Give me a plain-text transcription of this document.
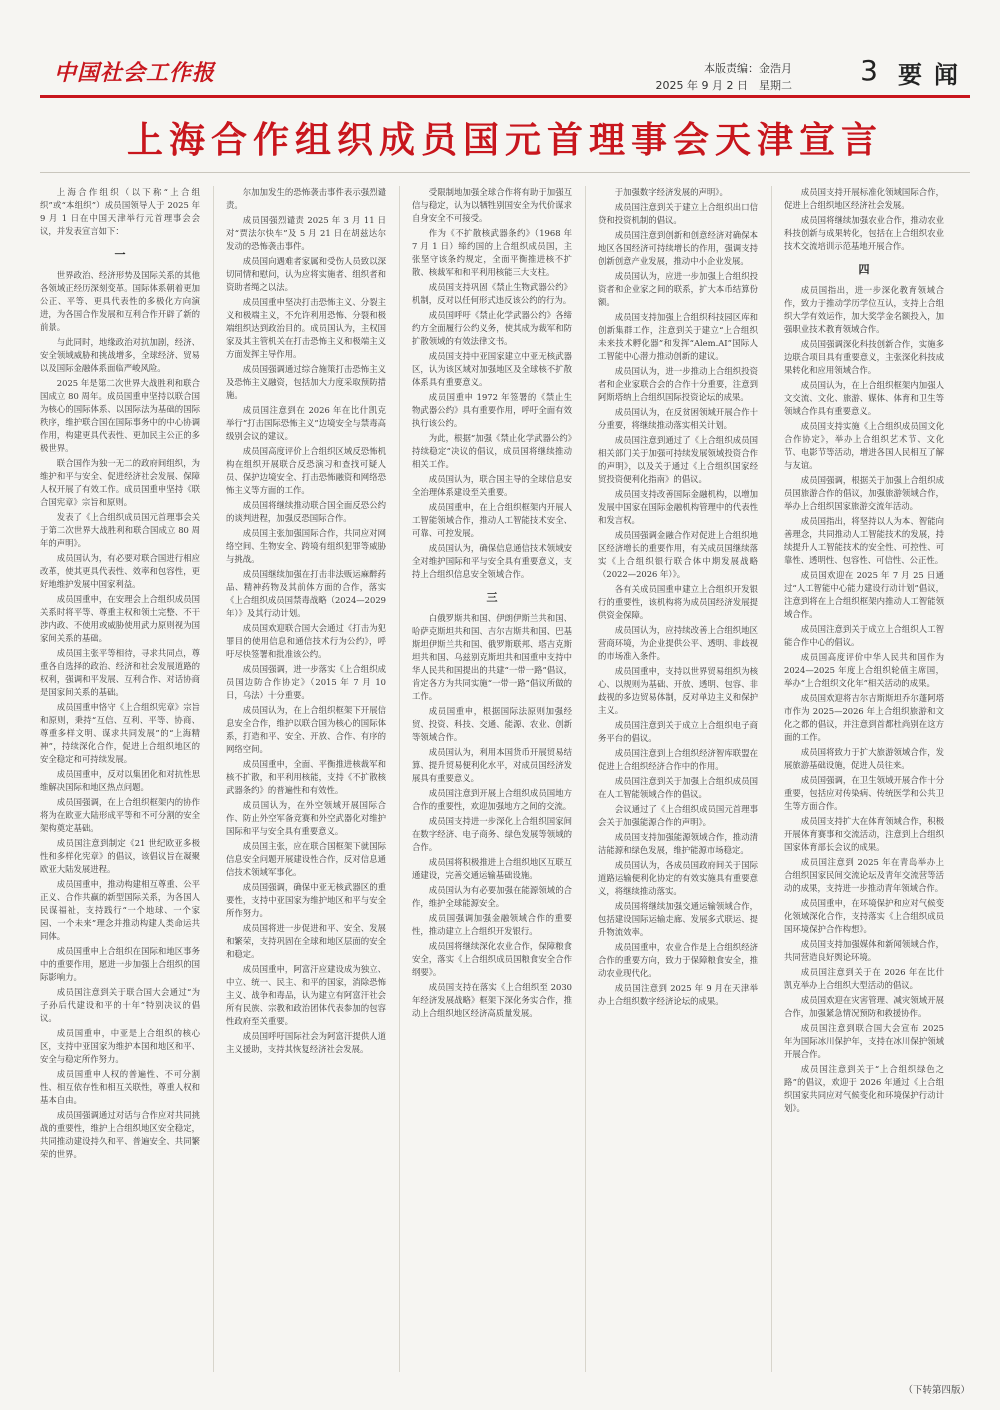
中国社会工作报	本版责编：金浩月
2025 年 9 月 2 日　星期二 3 要闻
上海合作组织成员国元首理事会天津宣言

上海合作组织（以下称“上合组织”或“本组织”）成员国领导人于 2025 年 9 月 1 日在中国天津举行元首理事会会议，并发表宣言如下：

一

世界政治、经济形势及国际关系的其他各领域正经历深刻变革。国际体系朝着更加公正、平等、更具代表性的多极化方向演进，为各国合作发展和互利合作开辟了新的前景。

与此同时，地缘政治对抗加剧，经济、安全领域威胁和挑战增多，全球经济、贸易以及国际金融体系面临严峻风险。

2025 年是第二次世界大战胜利和联合国成立 80 周年。成员国重申坚持以联合国为核心的国际体系、以国际法为基础的国际秩序，维护联合国在国际事务中的中心协调作用，构建更具代表性、更加民主公正的多极世界。

联合国作为独一无二的政府间组织，为维护和平与安全、促进经济社会发展、保障人权开展了有效工作。成员国重申坚持《联合国宪章》宗旨和原则。

发表了《上合组织成员国元首理事会关于第二次世界大战胜利和联合国成立 80 周年的声明》。

成员国认为，有必要对联合国进行相应改革，使其更具代表性、效率和包容性，更好地维护发展中国家利益。

成员国重申，在安理会上合组织成员国关系时将平等、尊重主权和领土完整、不干涉内政、不使用或威胁使用武力原则视为国家间关系的基础。

成员国主张平等相待，寻求共同点，尊重各自选择的政治、经济和社会发展道路的权利，强调和平发展、互利合作、对话协商是国家间关系的基础。

成员国重申恪守《上合组织宪章》宗旨和原则，秉持“互信、互利、平等、协商、尊重多样文明、谋求共同发展”的“上海精神”，持续深化合作，促进上合组织地区的安全稳定和可持续发展。

成员国重申，反对以集团化和对抗性思维解决国际和地区热点问题。

成员国强调，在上合组织框架内的协作将为在欧亚大陆形成平等和不可分割的安全架构奠定基础。

成员国注意到制定《21 世纪欧亚多极性和多样化宪章》的倡议，该倡议旨在凝聚欧亚大陆发展进程。

成员国重申，推动构建相互尊重、公平正义、合作共赢的新型国际关系，为各国人民谋福祉，支持践行“一个地球、一个家园、一个未来”理念并推动构建人类命运共同体。

成员国重申上合组织在国际和地区事务中的重要作用，愿进一步加强上合组织的国际影响力。

成员国注意到关于联合国大会通过“为子孙后代建设和平的十年”特别决议的倡议。

成员国重申，中亚是上合组织的核心区，支持中亚国家为维护本国和地区和平、安全与稳定所作努力。

成员国重申人权的普遍性、不可分割性、相互依存性和相互关联性，尊重人权和基本自由。

成员国强调通过对话与合作应对共同挑战的重要性，维护上合组织地区安全稳定，共同推动建设持久和平、普遍安全、共同繁荣的世界。

尔加加发生的恐怖袭击事件表示强烈谴责。

成员国强烈谴责 2025 年 3 月 11 日对“贾法尔快车”及 5 月 21 日在胡兹达尔发动的恐怖袭击事件。

成员国向遇难者家属和受伤人员致以深切同情和慰问，认为应将实施者、组织者和资助者绳之以法。

成员国重申坚决打击恐怖主义、分裂主义和极端主义，不允许利用恐怖、分裂和极端组织达到政治目的。成员国认为，主权国家及其主管机关在打击恐怖主义和极端主义方面发挥主导作用。

成员国强调通过综合施策打击恐怖主义及恐怖主义融资，包括加大力度采取预防措施。

成员国注意到在 2026 年在比什凯克举行“打击国际恐怖主义”边境安全与禁毒高级别会议的建议。

成员国高度评价上合组织区域反恐怖机构在组织开展联合反恐演习和查找可疑人员、保护边境安全、打击恐怖融资和网络恐怖主义等方面的工作。

成员国将继续推动联合国全面反恐公约的谈判进程，加强反恐国际合作。

成员国主张加强国际合作，共同应对网络空间、生物安全、跨境有组织犯罪等威胁与挑战。

成员国继续加强在打击非法贩运麻醉药品、精神药物及其前体方面的合作，落实《上合组织成员国禁毒战略（2024—2029 年）》及其行动计划。

成员国欢迎联合国大会通过《打击为犯罪目的使用信息和通信技术行为公约》，呼吁尽快签署和批准该公约。

成员国强调，进一步落实《上合组织成员国边防合作协定》（2015 年 7 月 10 日，乌法）十分重要。

成员国认为，在上合组织框架下开展信息安全合作，维护以联合国为核心的国际体系，打造和平、安全、开放、合作、有序的网络空间。

成员国重申，全面、平衡推进核裁军和核不扩散，和平利用核能，支持《不扩散核武器条约》的普遍性和有效性。

成员国认为，在外空领域开展国际合作、防止外空军备竞赛和外空武器化对维护国际和平与安全具有重要意义。

成员国主张，应在联合国框架下就国际信息安全问题开展建设性合作，反对信息通信技术领域军事化。

成员国强调，确保中亚无核武器区的重要性，支持中亚国家为维护地区和平与安全所作努力。

成员国将进一步促进和平、安全、发展和繁荣，支持巩固在全球和地区层面的安全和稳定。

成员国重申，阿富汗应建设成为独立、中立、统一、民主、和平的国家，消除恐怖主义、战争和毒品，认为建立有阿富汗社会所有民族、宗教和政治团体代表参加的包容性政府至关重要。

成员国呼吁国际社会为阿富汗提供人道主义援助，支持其恢复经济社会发展。

受限制地加强全球合作将有助于加强互信与稳定，认为以牺牲别国安全为代价谋求自身安全不可接受。

作为《不扩散核武器条约》（1968 年 7 月 1 日）缔约国的上合组织成员国，主张坚守该条约规定，全面平衡推进核不扩散、核裁军和和平利用核能三大支柱。

成员国支持巩固《禁止生物武器公约》机制，反对以任何形式违反该公约的行为。

成员国呼吁《禁止化学武器公约》各缔约方全面履行公约义务，使其成为裁军和防扩散领域的有效法律文书。

成员国支持中亚国家建立中亚无核武器区，认为该区域对加强地区及全球核不扩散体系具有重要意义。

成员国重申 1972 年签署的《禁止生物武器公约》具有重要作用，呼吁全面有效执行该公约。

为此，根据“加强《禁止化学武器公约》持续稳定”决议的倡议，成员国将继续推动相关工作。

成员国认为，联合国主导的全球信息安全治理体系建设至关重要。

成员国重申，在上合组织框架内开展人工智能领域合作，推动人工智能技术安全、可靠、可控发展。

成员国认为，确保信息通信技术领域安全对维护国际和平与安全具有重要意义，支持上合组织信息安全领域合作。

三

白俄罗斯共和国、伊朗伊斯兰共和国、哈萨克斯坦共和国、吉尔吉斯共和国、巴基斯坦伊斯兰共和国、俄罗斯联邦、塔吉克斯坦共和国、乌兹别克斯坦共和国重申支持中华人民共和国提出的共建“一带一路”倡议，肯定各方为共同实施“一带一路”倡议所做的工作。

成员国重申，根据国际法原则加强经贸、投资、科技、交通、能源、农业、创新等领域合作。

成员国认为，利用本国货币开展贸易结算、提升贸易便利化水平，对成员国经济发展具有重要意义。

成员国注意到开展上合组织成员国地方合作的重要性，欢迎加强地方之间的交流。

成员国支持进一步深化上合组织国家间在数字经济、电子商务、绿色发展等领域的合作。

成员国将积极推进上合组织地区互联互通建设，完善交通运输基础设施。

成员国认为有必要加强在能源领域的合作，维护全球能源安全。

成员国强调加强金融领域合作的重要性，推动建立上合组织开发银行。

成员国将继续深化农业合作，保障粮食安全，落实《上合组织成员国粮食安全合作纲要》。

成员国支持在落实《上合组织至 2030 年经济发展战略》框架下深化务实合作，推动上合组织地区经济高质量发展。

于加强数字经济发展的声明》。

成员国注意到关于建立上合组织出口信贷和投资机制的倡议。

成员国注意到创新和创意经济对确保本地区各国经济可持续增长的作用，强调支持创新创意产业发展，推动中小企业发展。

成员国认为，应进一步加强上合组织投资者和企业家之间的联系，扩大本币结算份额。

成员国支持加强上合组织科技园区库和创新集群工作，注意到关于建立“上合组织未来技术孵化器”和发挥“Alem.AI”国际人工智能中心潜力推动创新的建议。

成员国认为，进一步推动上合组织投资者和企业家联合会的合作十分重要，注意到阿斯塔纳上合组织国际投资论坛的成果。

成员国认为，在反贫困领域开展合作十分重要，将继续推动落实相关计划。

成员国注意到通过了《上合组织成员国相关部门关于加强可持续发展领域投资合作的声明》，以及关于通过《上合组织国家经贸投资便利化指南》的倡议。

成员国支持改善国际金融机构，以增加发展中国家在国际金融机构管理中的代表性和发言权。

成员国强调金融合作对促进上合组织地区经济增长的重要作用，有关成员国继续落实《上合组织银行联合体中期发展战略（2022—2026 年）》。

各有关成员国重申建立上合组织开发银行的重要性，该机构将为成员国经济发展提供资金保障。

成员国认为，应持续改善上合组织地区营商环境，为企业提供公平、透明、非歧视的市场准入条件。

成员国重申，支持以世界贸易组织为核心、以规则为基础、开放、透明、包容、非歧视的多边贸易体制，反对单边主义和保护主义。

成员国注意到关于成立上合组织电子商务平台的倡议。

成员国注意到上合组织经济智库联盟在促进上合组织经济合作中的作用。

成员国注意到关于加强上合组织成员国在人工智能领域合作的倡议。

会议通过了《上合组织成员国元首理事会关于加强能源合作的声明》。

成员国支持加强能源领域合作，推动清洁能源和绿色发展，维护能源市场稳定。

成员国认为，各成员国政府间关于国际道路运输便利化协定的有效实施具有重要意义，将继续推动落实。

成员国将继续加强交通运输领域合作，包括建设国际运输走廊、发展多式联运、提升物流效率。

成员国重申，农业合作是上合组织经济合作的重要方向，致力于保障粮食安全，推动农业现代化。

成员国注意到 2025 年 9 月在天津举办上合组织数字经济论坛的成果。

成员国支持开展标准化领域国际合作，促进上合组织地区经济社会发展。

成员国将继续加强农业合作，推动农业科技创新与成果转化，包括在上合组织农业技术交流培训示范基地开展合作。

四

成员国指出，进一步深化教育领域合作，致力于推动学历学位互认，支持上合组织大学有效运作，加大奖学金名额投入，加强职业技术教育领域合作。

成员国强调深化科技创新合作，实施多边联合项目具有重要意义，主张深化科技成果转化和应用领域合作。

成员国认为，在上合组织框架内加强人文交流、文化、旅游、媒体、体育和卫生等领域合作具有重要意义。

成员国支持实施《上合组织成员国文化合作协定》，举办上合组织艺术节、文化节、电影节等活动，增进各国人民相互了解与友谊。

成员国强调，根据关于加强上合组织成员国旅游合作的倡议，加强旅游领域合作，举办上合组织国家旅游交流年活动。

成员国指出，将坚持以人为本、智能向善理念，共同推动人工智能技术的发展，持续提升人工智能技术的安全性、可控性、可靠性、透明性、包容性、可信性、公正性。

成员国欢迎在 2025 年 7 月 25 日通过“人工智能中心能力建设行动计划”倡议，注意到将在上合组织框架内推动人工智能领域合作。

成员国注意到关于成立上合组织人工智能合作中心的倡议。

成员国高度评价中华人民共和国作为 2024—2025 年度上合组织轮值主席国，举办“上合组织文化年”相关活动的成果。

成员国欢迎将吉尔吉斯斯坦乔尔蓬阿塔市作为 2025—2026 年上合组织旅游和文化之都的倡议，并注意到首都杜尚别在这方面的工作。

成员国将致力于扩大旅游领域合作，发展旅游基础设施，促进人员往来。

成员国强调，在卫生领域开展合作十分重要，包括应对传染病、传统医学和公共卫生等方面合作。

成员国支持扩大在体育领域合作，积极开展体育赛事和交流活动，注意到上合组织国家体育部长会议的成果。

成员国注意到 2025 年在青岛举办上合组织国家民间交流论坛及青年交流营等活动的成果，支持进一步推动青年领域合作。

成员国重申，在环境保护和应对气候变化领域深化合作，支持落实《上合组织成员国环境保护合作构想》。

成员国支持加强媒体和新闻领域合作，共同营造良好舆论环境。

成员国注意到关于在 2026 年在比什凯克举办上合组织大型活动的倡议。

成员国欢迎在灾害管理、减灾领域开展合作，加强紧急情况预防和救援协作。

成员国注意到联合国大会宣布 2025 年为国际冰川保护年，支持在冰川保护领域开展合作。

成员国注意到关于“上合组织绿色之路”的倡议，欢迎于 2026 年通过《上合组织国家共同应对气候变化和环境保护行动计划》。

（下转第四版）
